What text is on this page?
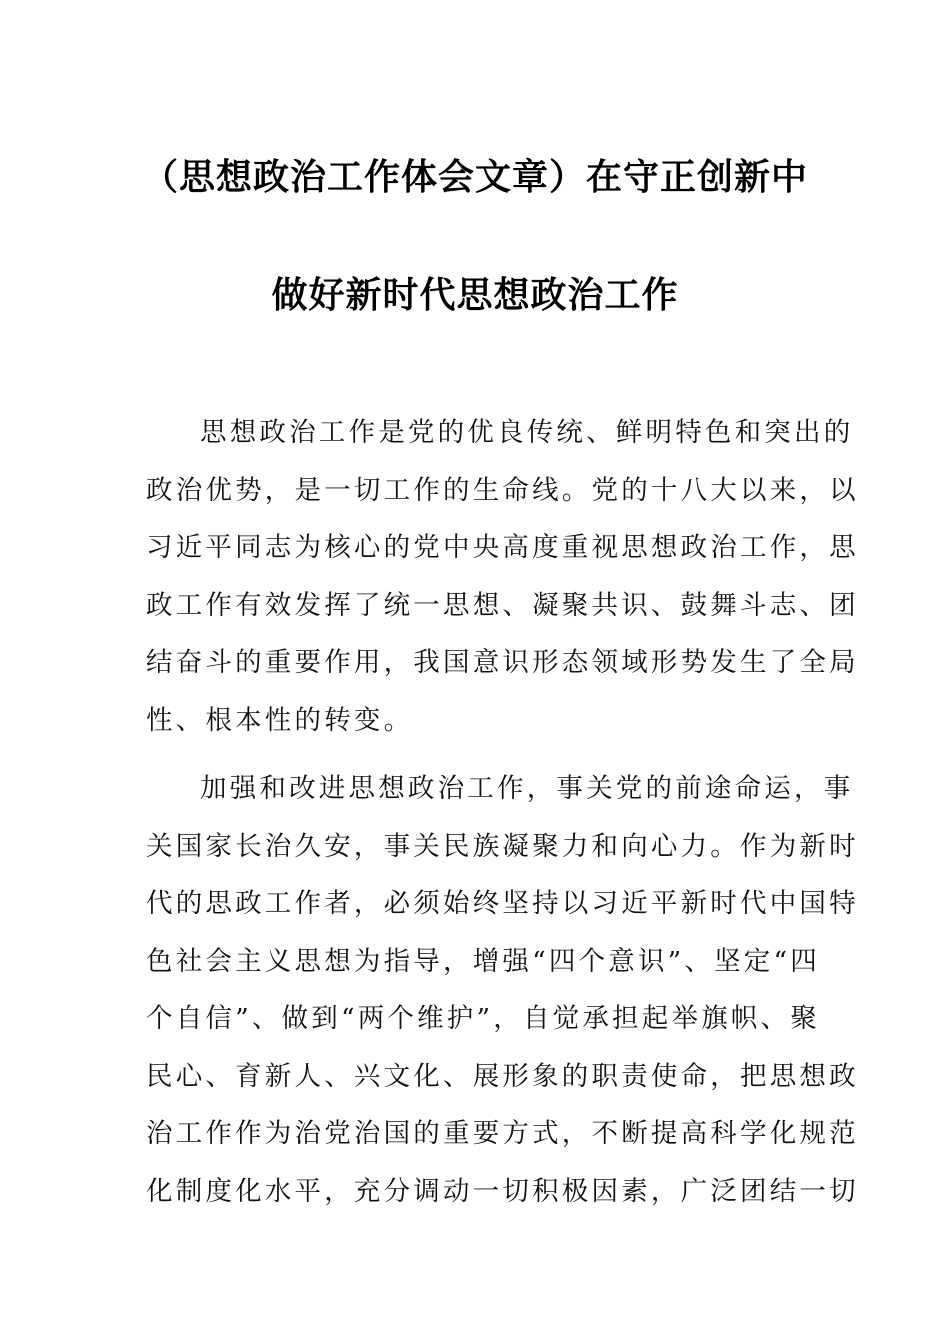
（思想政治工作体会文章）在守正创新中
做好新时代思想政治工作
思想政治工作是党的优良传统、鲜明特色和突出的
政治优势，是一切工作的生命线。党的十八大以来，以
习近平同志为核心的党中央高度重视思想政治工作，思
政工作有效发挥了统一思想、凝聚共识、鼓舞斗志、团
结奋斗的重要作用，我国意识形态领域形势发生了全局
性、根本性的转变。
加强和改进思想政治工作，事关党的前途命运，事
关国家长治久安，事关民族凝聚力和向心力。作为新时
代的思政工作者，必须始终坚持以习近平新时代中国特
色社会主义思想为指导，增强“四个意识”、坚定“四
个自信”、做到“两个维护”，自觉承担起举旗帜、聚
民心、育新人、兴文化、展形象的职责使命，把思想政
治工作作为治党治国的重要方式，不断提高科学化规范
化制度化水平，充分调动一切积极因素，广泛团结一切
